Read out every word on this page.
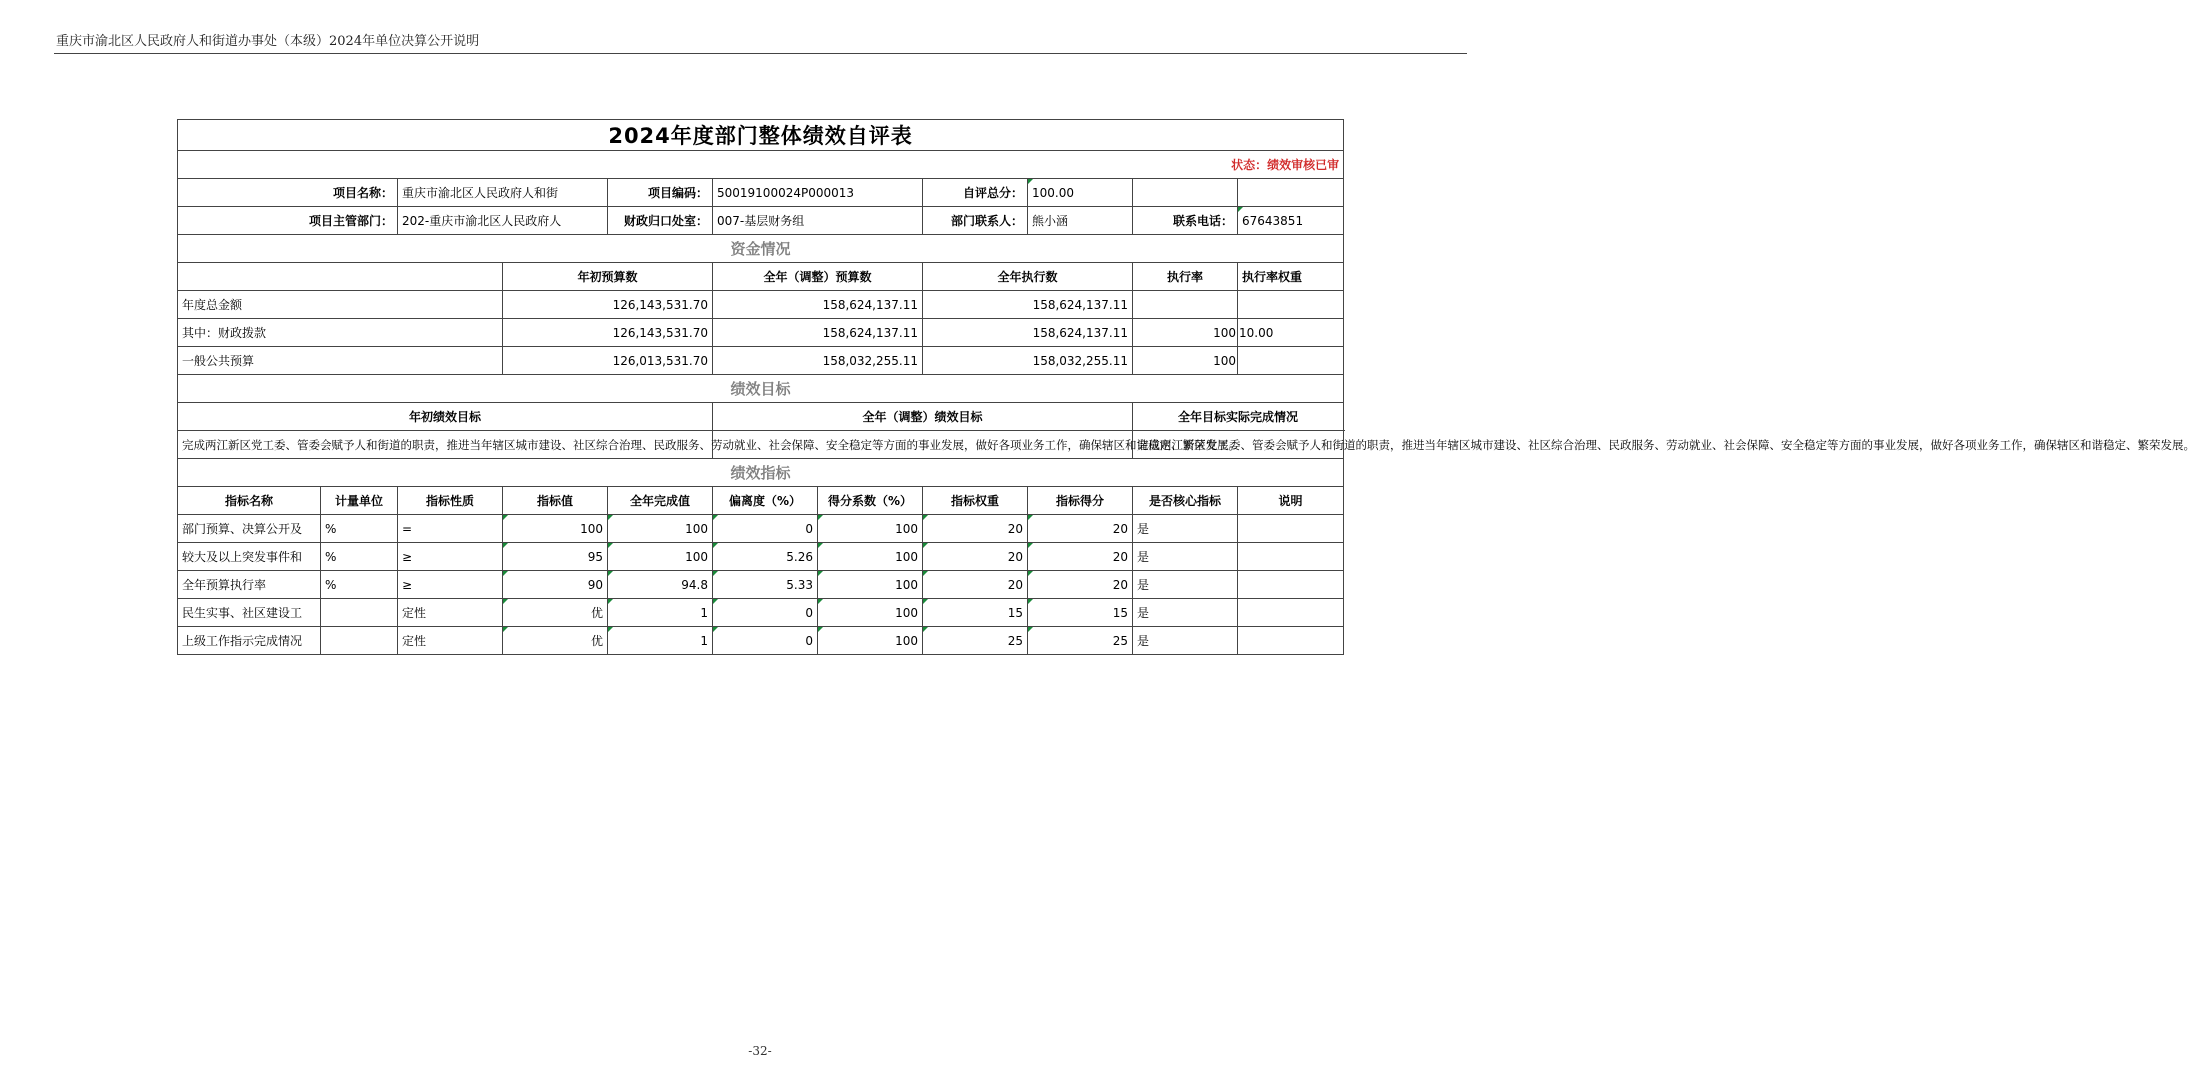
重庆市渝北区人民政府人和街道办事处（本级）2024年单位决算公开说明
2024年度部门整体绩效自评表											
状态：绩效审核已审											
项目名称：		重庆市渝北区人民政府人和街		项目编码：	50019100024P000013		自评总分：	100.00			
项目主管部门：		202-重庆市渝北区人民政府人		财政归口处室：	007-基层财务组		部门联系人：	熊小涵	联系电话：	67643851	
资金情况											
			年初预算数		全年（调整）预算数		全年执行数		执行率	执行率权重	
年度总金额			126,143,531.70		158,624,137.11		158,624,137.11				
其中：财政拨款			126,143,531.70		158,624,137.11		158,624,137.11		100	10.00	
一般公共预算			126,013,531.70		158,032,255.11		158,032,255.11		100		
绩效目标											
年初绩效目标					全年（调整）绩效目标				全年目标实际完成情况		
完成两江新区党工委、管委会赋予人和街道的职责，推进当年辖区城市建设、社区综合治理、民政服务、劳动就业、社会保障、安全稳定等方面的事业发展，做好各项业务工作，确保辖区和谐稳定、繁荣发展。									完成两江新区党工委、管委会赋予人和街道的职责，推进当年辖区城市建设、社区综合治理、民政服务、劳动就业、社会保障、安全稳定等方面的事业发展，做好各项业务工作，确保辖区和谐稳定、繁荣发展。		
绩效指标											
指标名称	计量单位	指标性质	指标值	全年完成值	偏离度（%）	得分系数（%）	指标权重	指标得分	是否核心指标	说明	
部门预算、决算公开及	%	=	100	100	0	100	20	20	是		
较大及以上突发事件和	%	≥	95	100	5.26	100	20	20	是		
全年预算执行率	%	≥	90	94.8	5.33	100	20	20	是		
民生实事、社区建设工		定性	优	1	0	100	15	15	是		
上级工作指示完成情况		定性	优	1	0	100	25	25	是		
-32-
